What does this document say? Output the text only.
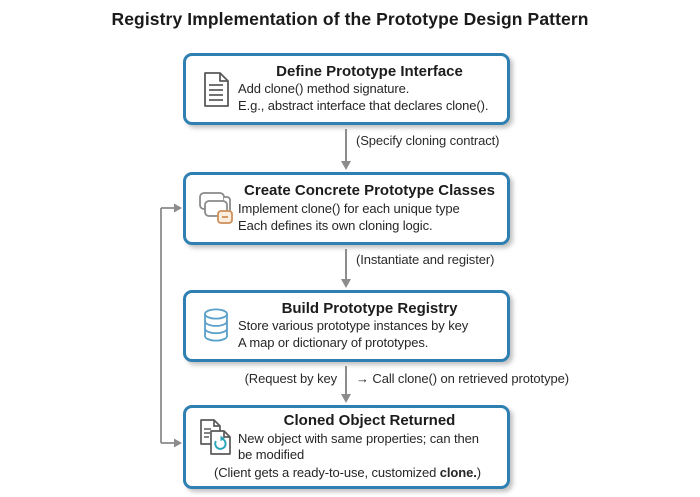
Registry Implementation of the Prototype Design Pattern
Define Prototype Interface
Add clone() method signature.
E.g., abstract interface that declares clone().
Create Concrete Prototype Classes
Implement clone() for each unique type
Each defines its own cloning logic.
Build Prototype Registry
Store various prototype instances by key
A map or dictionary of prototypes.
Cloned Object Returned
New object with same properties; can then
be modified
(Client gets a ready-to-use, customized clone.)
(Specify cloning contract)
(Instantiate and register)
(Request by key → Call clone() on retrieved prototype)
